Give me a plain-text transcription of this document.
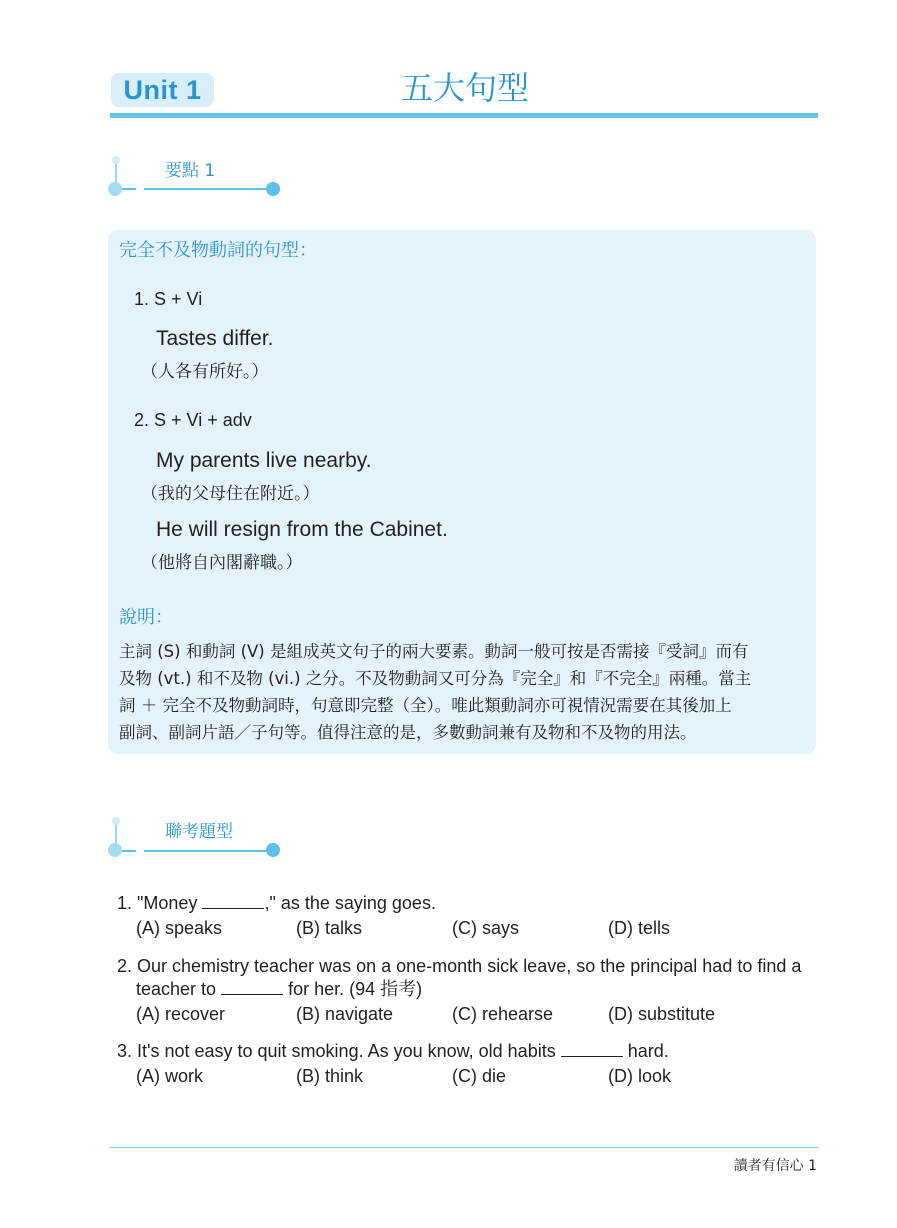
Unit 1	五大句型
要點 1
完全不及物動詞的句型：
1. S + Vi
Tastes differ.
（人各有所好。）
2. S + Vi + adv
My parents live nearby.
（我的父母住在附近。）
He will resign from the Cabinet.
（他將自內閣辭職。）
說明：
主詞 (S) 和動詞 (V) 是組成英文句子的兩大要素。動詞一般可按是否需接『受詞』而有
及物 (vt.) 和不及物 (vi.) 之分。不及物動詞又可分為『完全』和『不完全』兩種。當主
詞 ＋ 完全不及物動詞時，句意即完整（全）。唯此類動詞亦可視情況需要在其後加上
副詞、副詞片語／子句等。值得注意的是，多數動詞兼有及物和不及物的用法。
聯考題型
1. "Money	," as the saying goes.
(A) speaks	(B) talks	(C) says	(D) tells
2. Our chemistry teacher was on a one-month sick leave, so the principal had to find a
teacher to	for her. (94 指考)
(A) recover	(B) navigate	(C) rehearse	(D) substitute
3. It's not easy to quit smoking. As you know, old habits	hard.
(A) work	(B) think	(C) die	(D) look
讀者有信心 1
